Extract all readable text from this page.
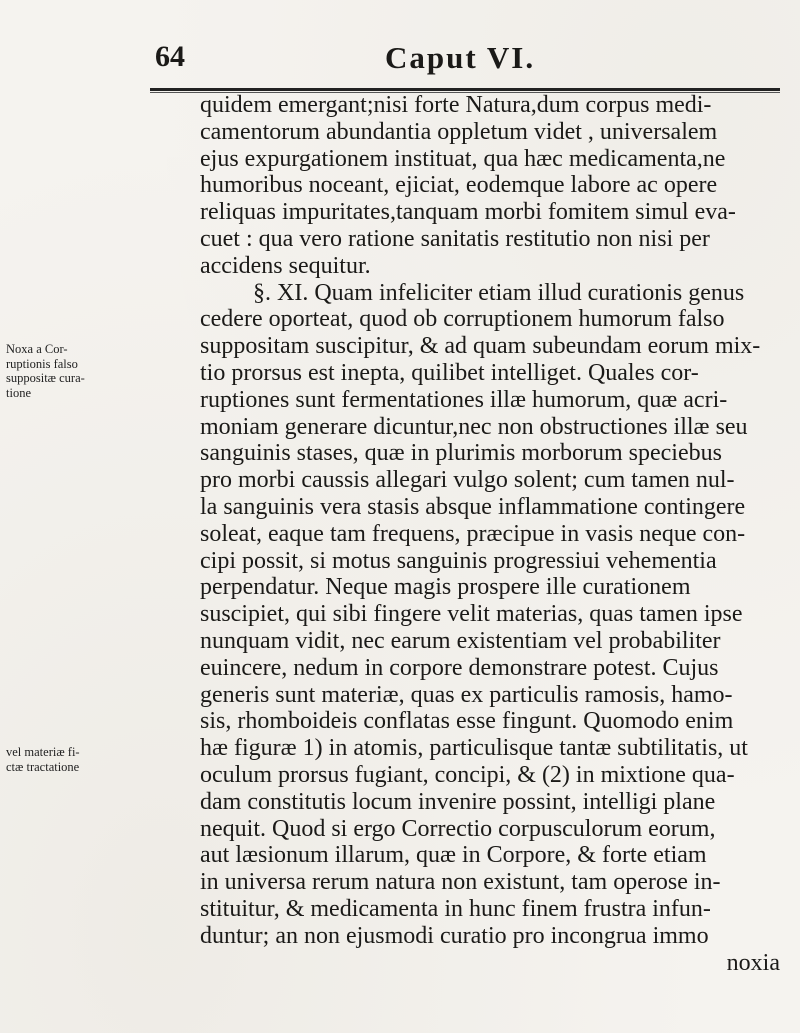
64	Caput VI.
Noxa a Cor-
ruptionis falso
suppositæ cura-
tione
vel materiæ fi-
ctæ tractatione
quidem emergant;nisi forte Natura,dum corpus medi-
camentorum abundantia oppletum videt , universalem
ejus expurgationem instituat, qua hæc medicamenta,ne
humoribus noceant, ejiciat, eodemque labore ac opere
reliquas impuritates,tanquam morbi fomitem simul eva-
cuet : qua vero ratione sanitatis restitutio non nisi per
accidens sequitur.
§. XI. Quam infeliciter etiam illud curationis genus
cedere oporteat, quod ob corruptionem humorum falso
suppositam suscipitur, & ad quam subeundam eorum mix-
tio prorsus est inepta, quilibet intelliget. Quales cor-
ruptiones sunt fermentationes illæ humorum, quæ acri-
moniam generare dicuntur,nec non obstructiones illæ seu
sanguinis stases, quæ in plurimis morborum speciebus
pro morbi caussis allegari vulgo solent; cum tamen nul-
la sanguinis vera stasis absque inflammatione contingere
soleat, eaque tam frequens, præcipue in vasis neque con-
cipi possit, si motus sanguinis progressiui vehementia
perpendatur. Neque magis prospere ille curationem
suscipiet, qui sibi fingere velit materias, quas tamen ipse
nunquam vidit, nec earum existentiam vel probabiliter
euincere, nedum in corpore demonstrare potest. Cujus
generis sunt materiæ, quas ex particulis ramosis, hamo-
sis, rhomboideis conflatas esse fingunt. Quomodo enim
hæ figuræ 1) in atomis, particulisque tantæ subtilitatis, ut
oculum prorsus fugiant, concipi, & (2) in mixtione qua-
dam constitutis locum invenire possint, intelligi plane
nequit. Quod si ergo Correctio corpusculorum eorum,
aut læsionum illarum, quæ in Corpore, & forte etiam
in universa rerum natura non existunt, tam operose in-
stituitur, & medicamenta in hunc finem frustra infun-
duntur; an non ejusmodi curatio pro incongrua immo
noxia
